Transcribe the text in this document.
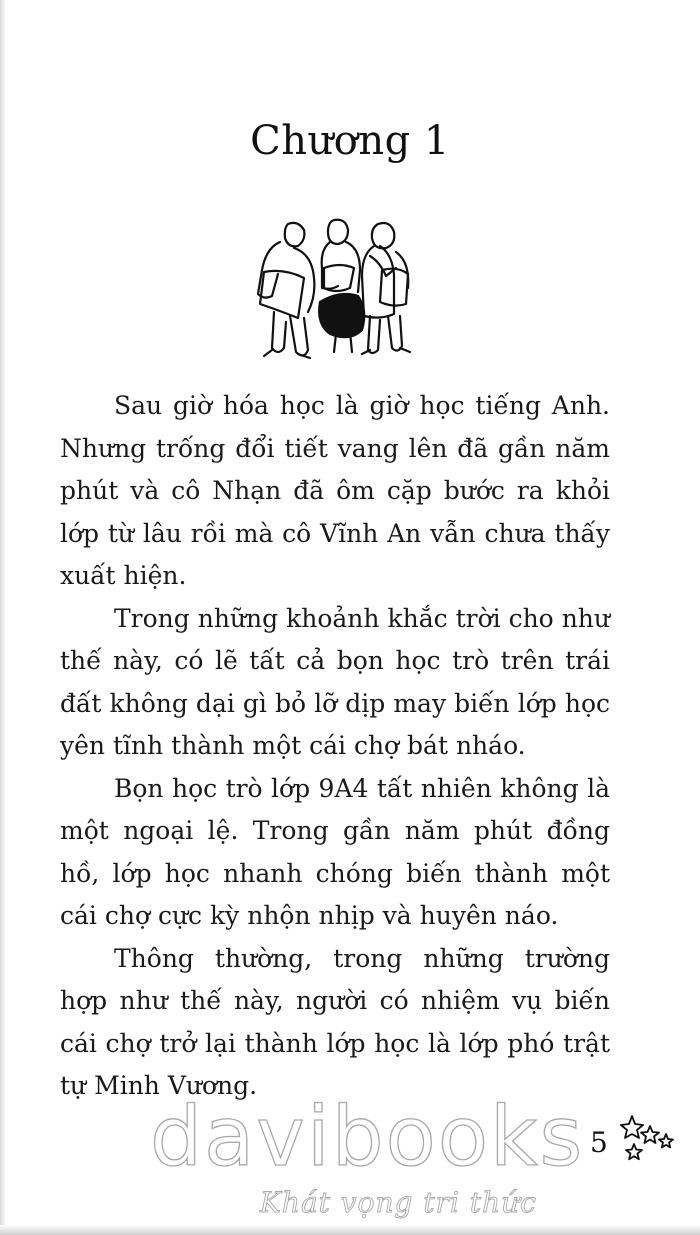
Chương 1

Sau giờ hóa học là giờ học tiếng Anh. Nhưng trống đổi tiết vang lên đã gần năm phút và cô Nhạn đã ôm cặp bước ra khỏi lớp từ lâu rồi mà cô Vĩnh An vẫn chưa thấy xuất hiện.

Trong những khoảnh khắc trời cho như thế này, có lẽ tất cả bọn học trò trên trái đất không dại gì bỏ lỡ dịp may biến lớp học yên tĩnh thành một cái chợ bát nháo.

Bọn học trò lớp 9A4 tất nhiên không là một ngoại lệ. Trong gần năm phút đồng hồ, lớp học nhanh chóng biến thành một cái chợ cực kỳ nhộn nhịp và huyên náo.

Thông thường, trong những trường hợp như thế này, người có nhiệm vụ biến cái chợ trở lại thành lớp học là lớp phó trật tự Minh Vương.

5
davibooks
Khát vọng tri thức
